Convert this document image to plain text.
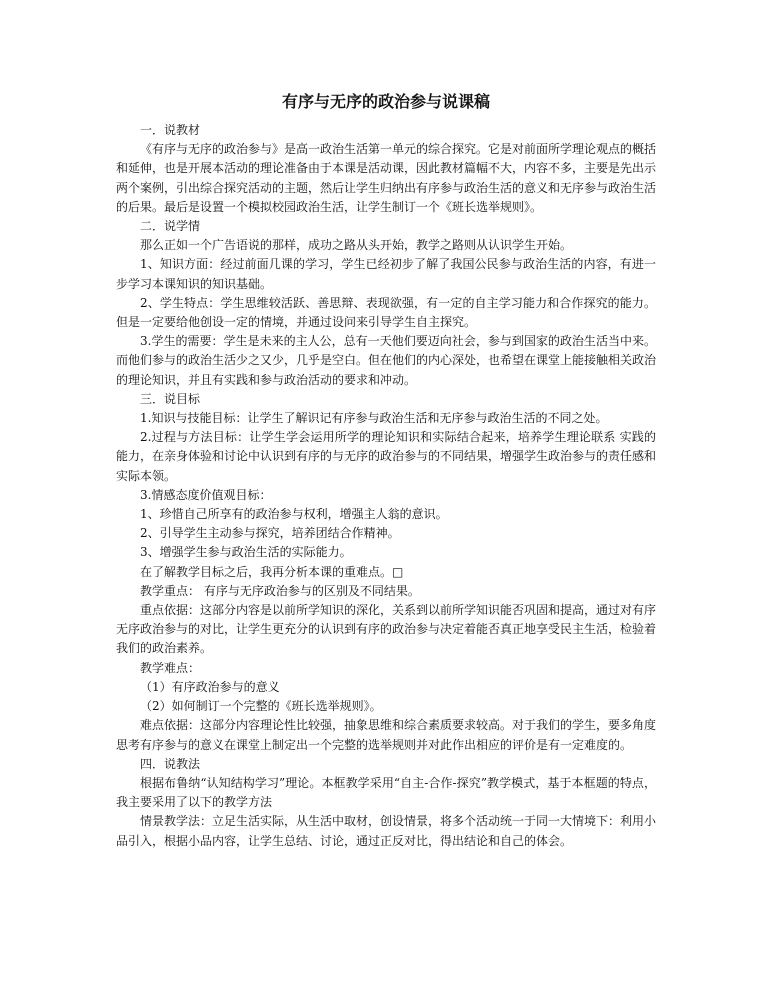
有序与无序的政治参与说课稿

一．说教材

《有序与无序的政治参与》是高一政治生活第一单元的综合探究。它是对前面所学理论观点的概括和延伸，也是开展本活动的理论准备由于本课是活动课，因此教材篇幅不大，内容不多，主要是先出示两个案例，引出综合探究活动的主题，然后让学生归纳出有序参与政治生活的意义和无序参与政治生活的后果。最后是设置一个模拟校园政治生活，让学生制订一个《班长选举规则》。

二．说学情

那么正如一个广告语说的那样，成功之路从头开始，教学之路则从认识学生开始。

1、知识方面：经过前面几课的学习，学生已经初步了解了我国公民参与政治生活的内容，有进一步学习本课知识的知识基础。

2、学生特点：学生思维较活跃、善思辩、表现欲强，有一定的自主学习能力和合作探究的能力。但是一定要给他创设一定的情境，并通过设问来引导学生自主探究。

3.学生的需要：学生是未来的主人公，总有一天他们要迈向社会，参与到国家的政治生活当中来。而他们参与的政治生活少之又少，几乎是空白。但在他们的内心深处，也希望在课堂上能接触相关政治的理论知识，并且有实践和参与政治活动的要求和冲动。

三．说目标

1.知识与技能目标：让学生了解识记有序参与政治生活和无序参与政治生活的不同之处。

2.过程与方法目标：让学生学会运用所学的理论知识和实际结合起来，培养学生理论联系 实践的能力，在亲身体验和讨论中认识到有序的与无序的政治参与的不同结果，增强学生政治参与的责任感和实际本领。

3.情感态度价值观目标：

1、珍惜自己所享有的政治参与权利，增强主人翁的意识。

2、引导学生主动参与探究，培养团结合作精神。

3、增强学生参与政治生活的实际能力。

在了解教学目标之后，我再分析本课的重难点。□

教学重点： 有序与无序政治参与的区别及不同结果。

重点依据：这部分内容是以前所学知识的深化，关系到以前所学知识能否巩固和提高，通过对有序无序政治参与的对比，让学生更充分的认识到有序的政治参与决定着能否真正地享受民主生活，检验着我们的政治素养。

教学难点：

（1）有序政治参与的意义

（2）如何制订一个完整的《班长选举规则》。

难点依据：这部分内容理论性比较强，抽象思维和综合素质要求较高。对于我们的学生，要多角度思考有序参与的意义在课堂上制定出一个完整的选举规则并对此作出相应的评价是有一定难度的。

四．说教法

根据布鲁纳“认知结构学习”理论。本框教学采用“自主-合作-探究”教学模式，基于本框题的特点，我主要采用了以下的教学方法

情景教学法：立足生活实际，从生活中取材，创设情景，将多个活动统一于同一大情境下：利用小品引入，根据小品内容，让学生总结、讨论，通过正反对比，得出结论和自己的体会。
